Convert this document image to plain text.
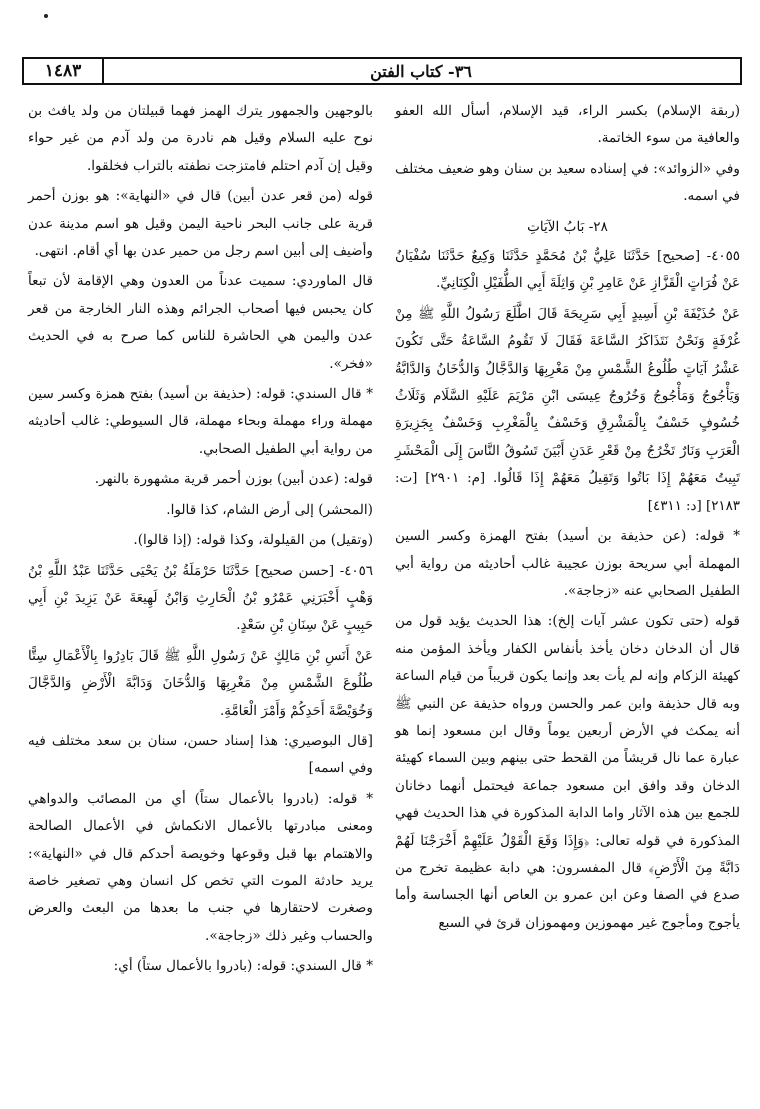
١٤٨٣	٣٦- كتاب الفتن

(ربقة الإسلام) بكسر الراء، قيد الإسلام، أسأل الله العفو والعافية من سوء الخاتمة.

وفي «الزوائد»: في إسناده سعيد بن سنان وهو ضعيف مختلف في اسمه.

٢٨- بَابُ الآيَاتِ

٤٠٥٥- [صحيح] حَدَّثَنَا عَلِيُّ بْنُ مُحَمَّدٍ حَدَّثَنَا وَكِيعٌ حَدَّثَنَا سُفْيَانُ عَنْ فُرَاتٍ الْقَزَّازِ عَنْ عَامِرِ بْنِ وَاثِلَةَ أَبِي الطُّفَيْلِ الْكِنَانِيِّ.

عَنْ حُذَيْفَةَ بْنِ أَسِيدٍ أَبِي سَرِيحَةَ قَالَ اطَّلَعَ رَسُولُ اللَّهِ ﷺ مِنْ غُرْفَةٍ وَنَحْنُ نَتَذَاكَرُ السَّاعَةَ فَقَالَ لَا تَقُومُ السَّاعَةُ حَتَّى تَكُونَ عَشْرُ آيَاتٍ طُلُوعُ الشَّمْسِ مِنْ مَغْرِبِهَا وَالدَّجَّالُ وَالدُّخَانُ وَالدَّابَّةُ وَيَأْجُوجُ وَمَأْجُوجُ وَخُرُوجُ عِيسَى ابْنِ مَرْيَمَ عَلَيْهِ السَّلَام وَثَلَاثُ خُسُوفٍ خَسْفٌ بِالْمَشْرِقِ وَخَسْفٌ بِالْمَغْرِبِ وَخَسْفٌ بِجَزِيرَةِ الْعَرَبِ وَنَارٌ تَخْرُجُ مِنْ قَعْرِ عَدَنِ أَبْيَنَ تَسُوقُ النَّاسَ إِلَى الْمَحْشَرِ تَبِيتُ مَعَهُمْ إِذَا بَاتُوا وَتَقِيلُ مَعَهُمْ إِذَا قَالُوا. [م: ٢٩٠١] [ت: ٢١٨٣] [د: ٤٣١١]

* قوله: (عن حذيفة بن أسيد) بفتح الهمزة وكسر السين المهملة أبي سريحة بوزن عجيبة غالب أحاديثه من رواية أبي الطفيل الصحابي عنه «زجاجة».

قوله (حتى تكون عشر آيات إلخ): هذا الحديث يؤيد قول من قال أن الدخان دخان يأخذ بأنفاس الكفار ويأخذ المؤمن منه كهيئة الزكام وإنه لم يأت بعد وإنما يكون قريباً من قيام الساعة وبه قال حذيفة وابن عمر والحسن ورواه حذيفة عن النبي ﷺ أنه يمكث في الأرض أربعين يوماً وقال ابن مسعود إنما هو عبارة عما نال قريشاً من القحط حتى بينهم وبين السماء كهيئة الدخان وقد وافق ابن مسعود جماعة فيحتمل أنهما دخانان للجمع بين هذه الآثار واما الدابة المذكورة في هذا الحديث فهي المذكورة في قوله تعالى: ﴿وَإِذَا وَقَعَ الْقَوْلُ عَلَيْهِمْ أَخْرَجْنَا لَهُمْ دَابَّةً مِنَ الْأَرْضِ﴾ قال المفسرون: هي دابة عظيمة تخرج من صدع في الصفا وعن ابن عمرو بن العاص أنها الجساسة وأما يأجوج ومأجوج غير مهموزين ومهموزان قرئ في السبع

بالوجهين والجمهور يترك الهمز فهما قبيلتان من ولد يافث بن نوح عليه السلام وقيل هم نادرة من ولد آدم من غير حواء وقيل إن آدم احتلم فامتزجت نطفته بالتراب فخلقوا.

قوله (من قعر عدن أبين) قال في «النهاية»: هو بوزن أحمر قرية على جانب البحر ناحية اليمن وقيل هو اسم مدينة عدن وأضيف إلى أبين اسم رجل من حمير عدن بها أي أقام. انتهى.

قال الماوردي: سميت عدناً من العدون وهي الإقامة لأن تبعاً كان يحبس فيها أصحاب الجرائم وهذه النار الخارجة من قعر عدن واليمن هي الحاشرة للناس كما صرح به في الحديث «فخر».

* قال السندي: قوله: (حذيفة بن أسيد) بفتح همزة وكسر سين مهملة وراء مهملة وبحاء مهملة، قال السيوطي: غالب أحاديثه من رواية أبي الطفيل الصحابي.

قوله: (عدن أبين) بوزن أحمر قرية مشهورة بالنهر.

(المحشر) إلى أرض الشام، كذا قالوا.

(وتقيل) من القيلولة، وكذا قوله: (إذا قالوا).

٤٠٥٦- [حسن صحيح] حَدَّثَنَا حَرْمَلَةُ بْنُ يَحْيَى حَدَّثَنَا عَبْدُ اللَّهِ بْنُ وَهْبٍ أَخْبَرَنِي عَمْرُو بْنُ الْحَارِثِ وَابْنُ لَهِيعَةَ عَنْ يَزِيدَ بْنِ أَبِي حَبِيبٍ عَنْ سِنَانِ بْنِ سَعْدٍ.

عَنْ أَنَسِ بْنِ مَالِكٍ عَنْ رَسُولِ اللَّهِ ﷺ قَالَ بَادِرُوا بِالْأَعْمَالِ سِتًّا طُلُوعَ الشَّمْسِ مِنْ مَغْرِبِهَا وَالدُّخَانَ وَدَابَّةَ الْأَرْضِ وَالدَّجَّالَ وَخُوَيْصَّةَ أَحَدِكُمْ وَأَمْرَ الْعَامَّةِ.

[قال البوصيري: هذا إسناد حسن، سنان بن سعد مختلف فيه وفي اسمه]

* قوله: (بادروا بالأعمال ستاً) أي من المصائب والدواهي ومعنى مبادرتها بالأعمال الانكماش في الأعمال الصالحة والاهتمام بها قبل وقوعها وخويصة أحدكم قال في «النهاية»: يريد حادثة الموت التي تخص كل انسان وهي تصغير خاصة وصغرت لاحتقارها في جنب ما بعدها من البعث والعرض والحساب وغير ذلك «زجاجة».

* قال السندي: قوله: (بادروا بالأعمال ستاً) أي:
